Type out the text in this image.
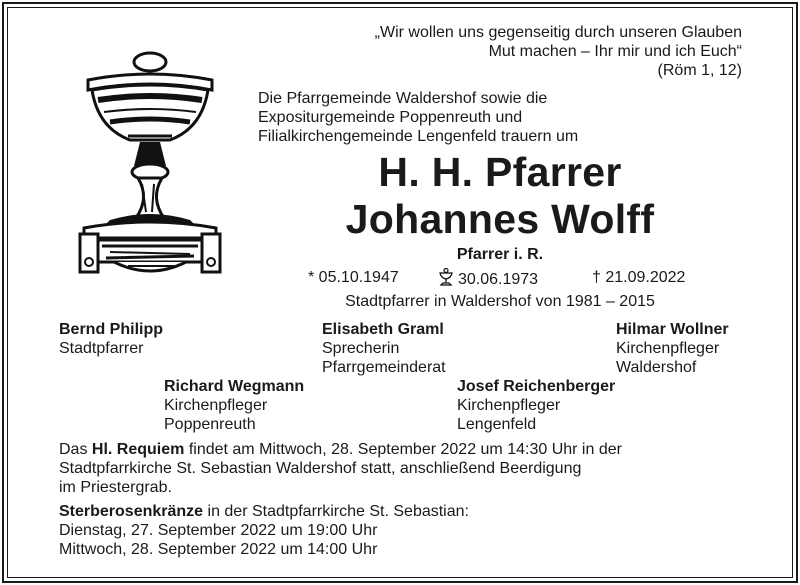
„Wir wollen uns gegenseitig durch unseren Glauben
Mut machen – Ihr mir und ich Euch“
(Röm 1, 12)
Die Pfarrgemeinde Waldershof sowie die
Expositurgemeinde Poppenreuth und
Filialkirchengemeinde Lengenfeld trauern um
H. H. Pfarrer
Johannes Wolff
Pfarrer i. R.
* 05.10.1947	30.06.1973	† 21.09.2022
Stadtpfarrer in Waldershof von 1981 – 2015
Bernd Philipp
Stadtpfarrer
Elisabeth Graml
Sprecherin
Pfarrgemeinderat
Hilmar Wollner
Kirchenpfleger
Waldershof
Richard Wegmann
Kirchenpfleger
Poppenreuth
Josef Reichenberger
Kirchenpfleger
Lengenfeld
Das Hl. Requiem findet am Mittwoch, 28. September 2022 um 14:30 Uhr in der
Stadtpfarrkirche St. Sebastian Waldershof statt, anschließend Beerdigung
im Priestergrab.
Sterberosenkränze in der Stadtpfarrkirche St. Sebastian:
Dienstag, 27. September 2022 um 19:00 Uhr
Mittwoch, 28. September 2022 um 14:00 Uhr
